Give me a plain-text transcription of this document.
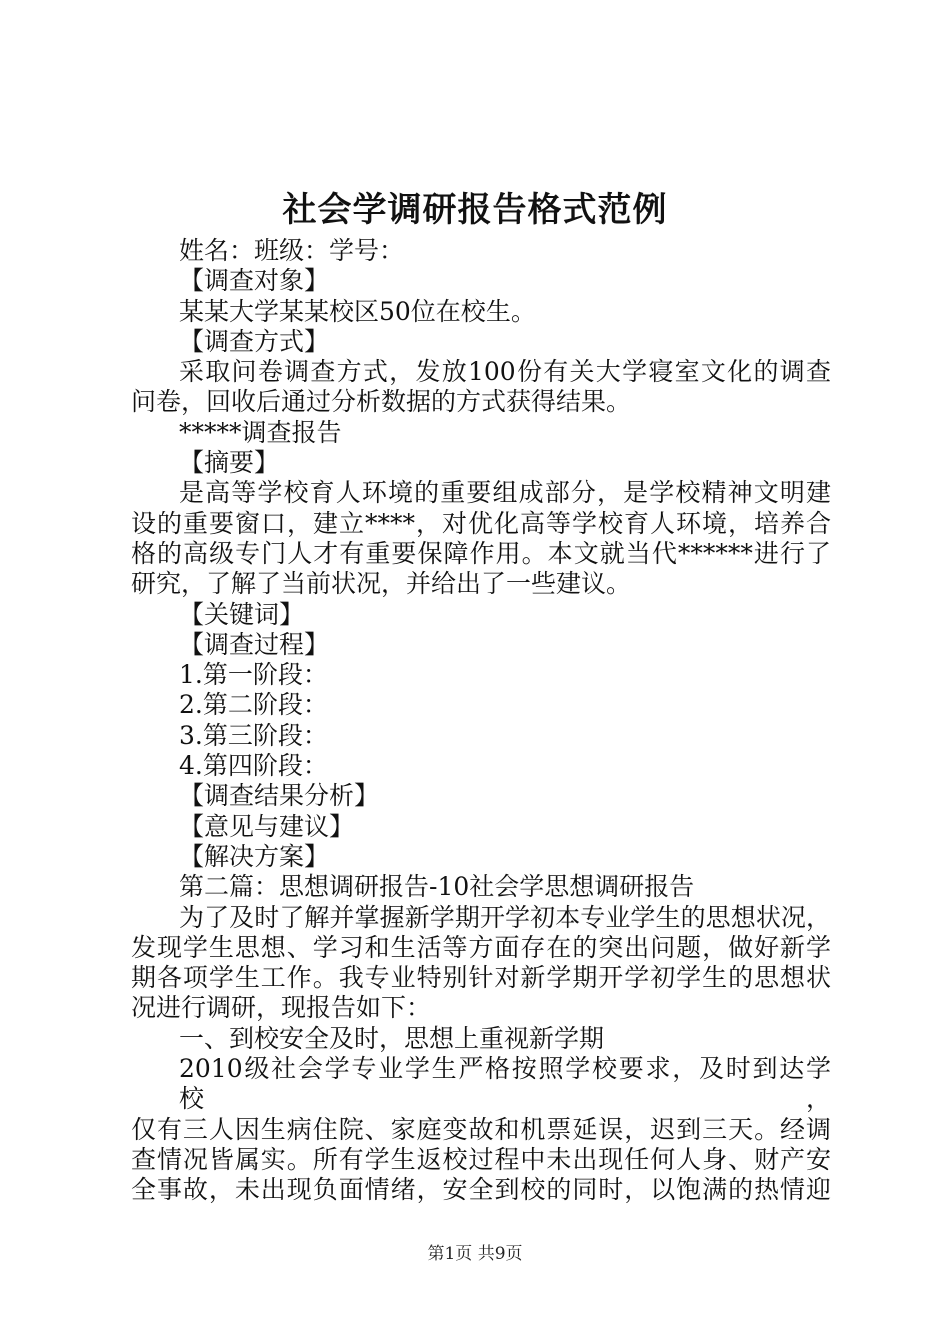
社会学调研报告格式范例
姓名：班级：学号：
【调查对象】
某某大学某某校区50位在校生。
【调查方式】
采取问卷调查方式，发放100份有关大学寝室文化的调查
问卷，回收后通过分析数据的方式获得结果。
*****调查报告
【摘要】
是高等学校育人环境的重要组成部分，是学校精神文明建
设的重要窗口，建立****，对优化高等学校育人环境，培养合
格的高级专门人才有重要保障作用。本文就当代******进行了
研究，了解了当前状况，并给出了一些建议。
【关键词】
【调查过程】
1.第一阶段：
2.第二阶段：
3.第三阶段：
4.第四阶段：
【调查结果分析】
【意见与建议】
【解决方案】
第二篇：思想调研报告-10社会学思想调研报告
为了及时了解并掌握新学期开学初本专业学生的思想状况，
发现学生思想、学习和生活等方面存在的突出问题，做好新学
期各项学生工作。我专业特别针对新学期开学初学生的思想状
况进行调研，现报告如下：
一、到校安全及时，思想上重视新学期
2010级社会学专业学生严格按照学校要求，及时到达学校，
仅有三人因生病住院、家庭变故和机票延误，迟到三天。经调
查情况皆属实。所有学生返校过程中未出现任何人身、财产安
全事故，未出现负面情绪，安全到校的同时，以饱满的热情迎
第1页 共9页
